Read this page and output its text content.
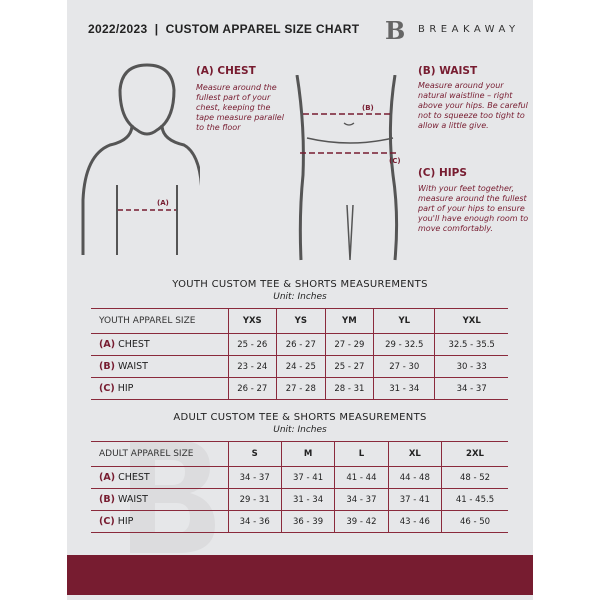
2022/2023  |  CUSTOM APPAREL SIZE CHART B BREAKAWAY
(A)
(B)
(C)
(A) CHEST
Measure around the fullest part of your chest, keeping the tape measure parallel to the floor
(B) WAIST
Measure around your natural waistline – right above your hips. Be careful not to squeeze too tight to allow a little give.
(C) HIPS
With your feet together, measure around the fullest part of your hips to ensure you'll have enough room to move comfortably.
YOUTH CUSTOM TEE & SHORTS MEASUREMENTS
Unit: Inches
YOUTH APPAREL SIZE	YXS	YS	YM	YL	YXL
(A) CHEST	25 - 26	26 - 27	27 - 29	29 - 32.5	32.5 - 35.5
(B) WAIST	23 - 24	24 - 25	25 - 27	27 - 30	30 - 33
(C) HIP	26 - 27	27 - 28	28 - 31	31 - 34	34 - 37
ADULT CUSTOM TEE & SHORTS MEASUREMENTS
Unit: Inches
ADULT APPAREL SIZE	S	M	L	XL	2XL
(A) CHEST	34 - 37	37 - 41	41 - 44	44 - 48	48 - 52
(B) WAIST	29 - 31	31 - 34	34 - 37	37 - 41	41 - 45.5
(C) HIP	34 - 36	36 - 39	39 - 42	43 - 46	46 - 50
